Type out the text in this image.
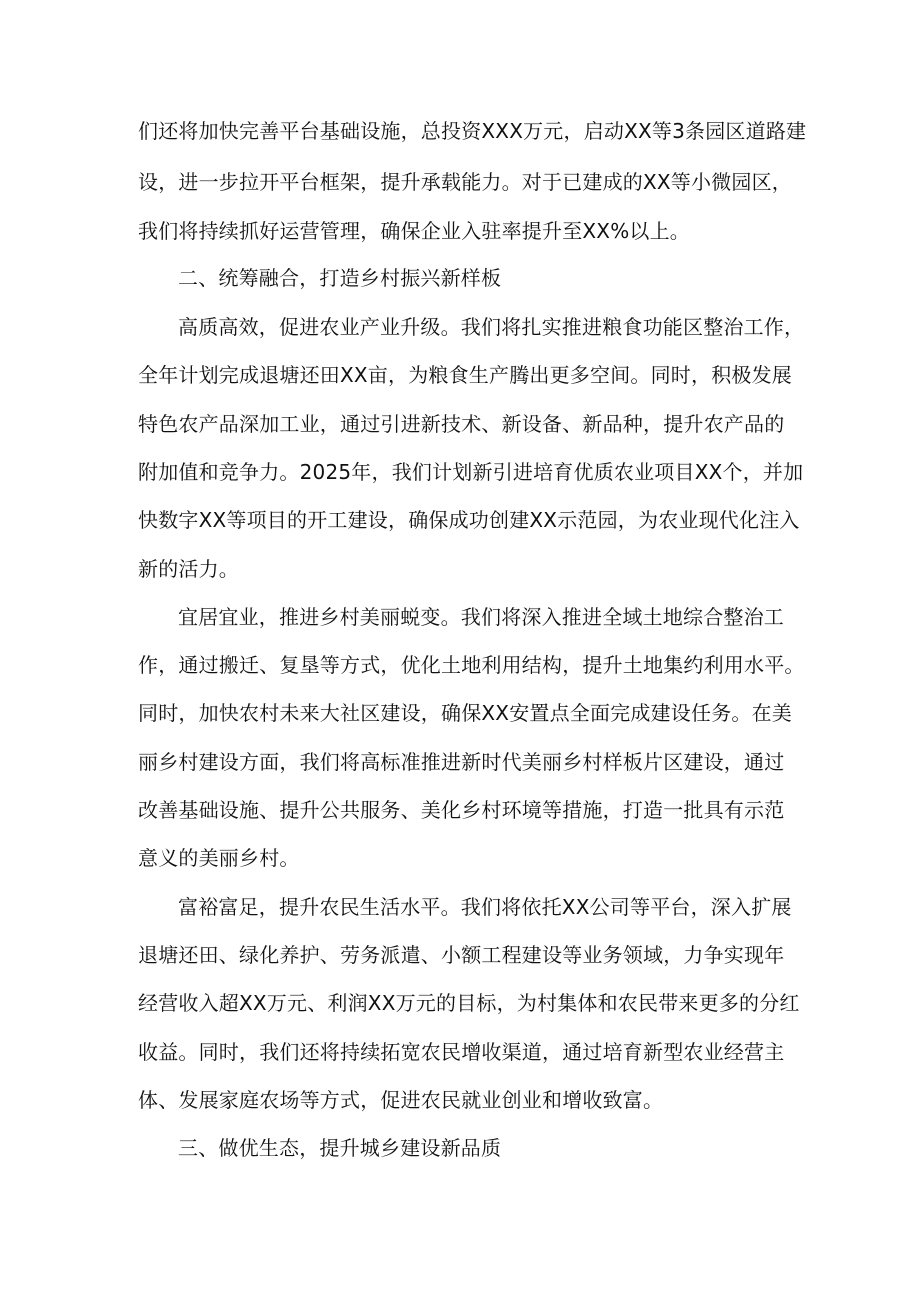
们还将加快完善平台基础设施，总投资XXX万元，启动XX等3条园区道路建
设，进一步拉开平台框架，提升承载能力。对于已建成的XX等小微园区，
我们将持续抓好运营管理，确保企业入驻率提升至XX%以上。
二、统筹融合，打造乡村振兴新样板
高质高效，促进农业产业升级。我们将扎实推进粮食功能区整治工作，
全年计划完成退塘还田XX亩，为粮食生产腾出更多空间。同时，积极发展
特色农产品深加工业，通过引进新技术、新设备、新品种，提升农产品的
附加值和竞争力。2025年，我们计划新引进培育优质农业项目XX个，并加
快数字XX等项目的开工建设，确保成功创建XX示范园，为农业现代化注入
新的活力。
宜居宜业，推进乡村美丽蜕变。我们将深入推进全域土地综合整治工
作，通过搬迁、复垦等方式，优化土地利用结构，提升土地集约利用水平。
同时，加快农村未来大社区建设，确保XX安置点全面完成建设任务。在美
丽乡村建设方面，我们将高标准推进新时代美丽乡村样板片区建设，通过
改善基础设施、提升公共服务、美化乡村环境等措施，打造一批具有示范
意义的美丽乡村。
富裕富足，提升农民生活水平。我们将依托XX公司等平台，深入扩展
退塘还田、绿化养护、劳务派遣、小额工程建设等业务领域，力争实现年
经营收入超XX万元、利润XX万元的目标，为村集体和农民带来更多的分红
收益。同时，我们还将持续拓宽农民增收渠道，通过培育新型农业经营主
体、发展家庭农场等方式，促进农民就业创业和增收致富。
三、做优生态，提升城乡建设新品质
